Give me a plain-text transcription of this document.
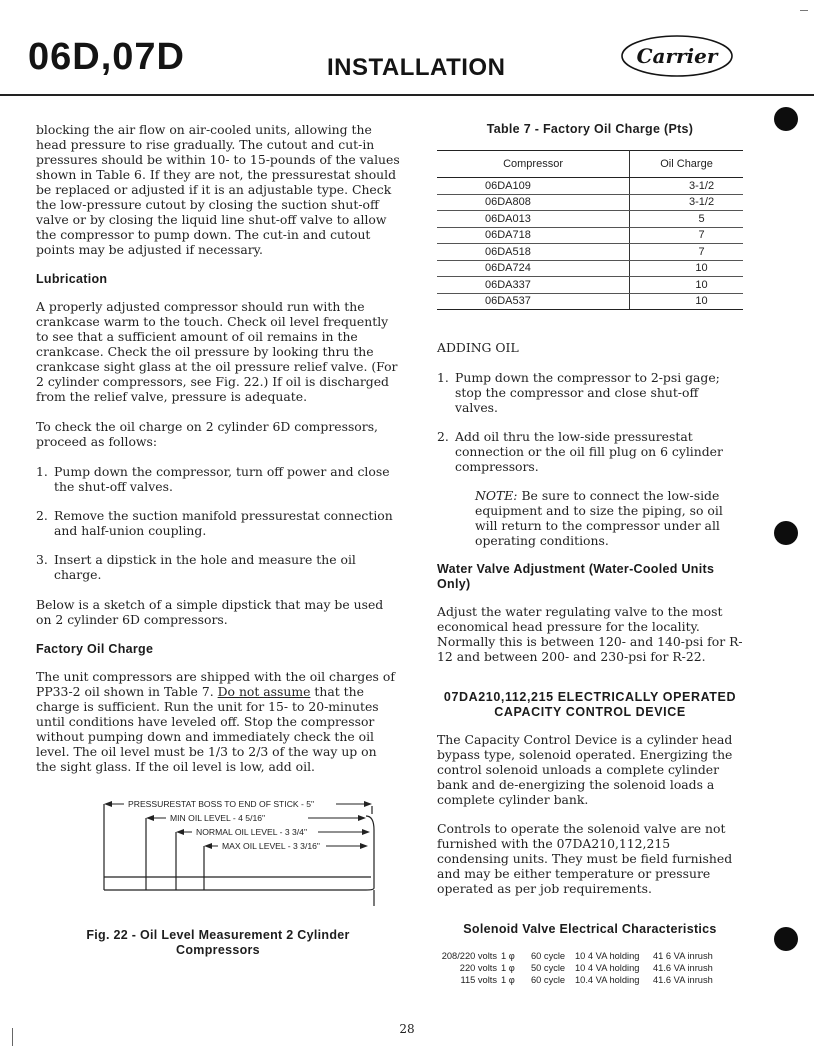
06D,07D	INSTALLATION	Carrier

blocking the air flow on air-cooled units, allowing the head pressure to rise gradually. The cutout and cut-in pressures should be within 10- to 15-pounds of the values shown in Table 6. If they are not, the pressurestat should be replaced or adjusted if it is an adjustable type. Check the low-pressure cutout by closing the suction shut-off valve or by closing the liquid line shut-off valve to allow the compressor to pump down. The cut-in and cutout points may be adjusted if necessary.

Lubrication

A properly adjusted compressor should run with the crankcase warm to the touch. Check oil level frequently to see that a sufficient amount of oil remains in the crankcase. Check the oil pressure by looking thru the crankcase sight glass at the oil pressure relief valve. (For 2 cylinder compressors, see Fig. 22.) If oil is discharged from the relief valve, pressure is adequate.

To check the oil charge on 2 cylinder 6D compressors, proceed as follows:

1. Pump down the compressor, turn off power and close the shut-off valves.
2. Remove the suction manifold pressurestat connection and half-union coupling.
3. Insert a dipstick in the hole and measure the oil charge.

Below is a sketch of a simple dipstick that may be used on 2 cylinder 6D compressors.

Factory Oil Charge

The unit compressors are shipped with the oil charges of PP33-2 oil shown in Table 7. Do not assume that the charge is sufficient. Run the unit for 15- to 20-minutes until conditions have leveled off. Stop the compressor without pumping down and immediately check the oil level. The oil level must be 1/3 to 2/3 of the way up on the sight glass. If the oil level is low, add oil.

PRESSURESTAT BOSS TO END OF STICK - 5"
MIN OIL LEVEL - 4 5/16"
NORMAL OIL LEVEL - 3 3/4"
MAX OIL LEVEL - 3 3/16"
Fig. 22 - Oil Level Measurement 2 Cylinder Compressors
Table 7 - Factory Oil Charge (Pts)
Compressor	Oil Charge
06DA109	3-1/2
06DA808	3-1/2
06DA013	5
06DA718	7
06DA518	7
06DA724	10
06DA337	10
06DA537	10

ADDING OIL

1. Pump down the compressor to 2-psi gage; stop the compressor and close shut-off valves.
2. Add oil thru the low-side pressurestat connection or the oil fill plug on 6 cylinder compressors.

NOTE: Be sure to connect the low-side equipment and to size the piping, so oil will return to the compressor under all operating conditions.

Water Valve Adjustment (Water-Cooled Units Only)

Adjust the water regulating valve to the most economical head pressure for the locality. Normally this is between 120- and 140-psi for R-12 and between 200- and 230-psi for R-22.

07DA210,112,215 ELECTRICALLY OPERATED CAPACITY CONTROL DEVICE

The Capacity Control Device is a cylinder head bypass type, solenoid operated. Energizing the control solenoid unloads a complete cylinder bank and de-energizing the solenoid loads a complete cylinder bank.

Controls to operate the solenoid valve are not furnished with the 07DA210,112,215 condensing units. They must be field furnished and may be either temperature or pressure operated as per job requirements.

Solenoid Valve Electrical Characteristics
208/220 volts 1 φ	60 cycle	10 4 VA holding	41 6 VA inrush
220 volts 1 φ	50 cycle	10 4 VA holding	41.6 VA inrush
115 volts 1 φ	60 cycle	10.4 VA holding	41.6 VA inrush
28
